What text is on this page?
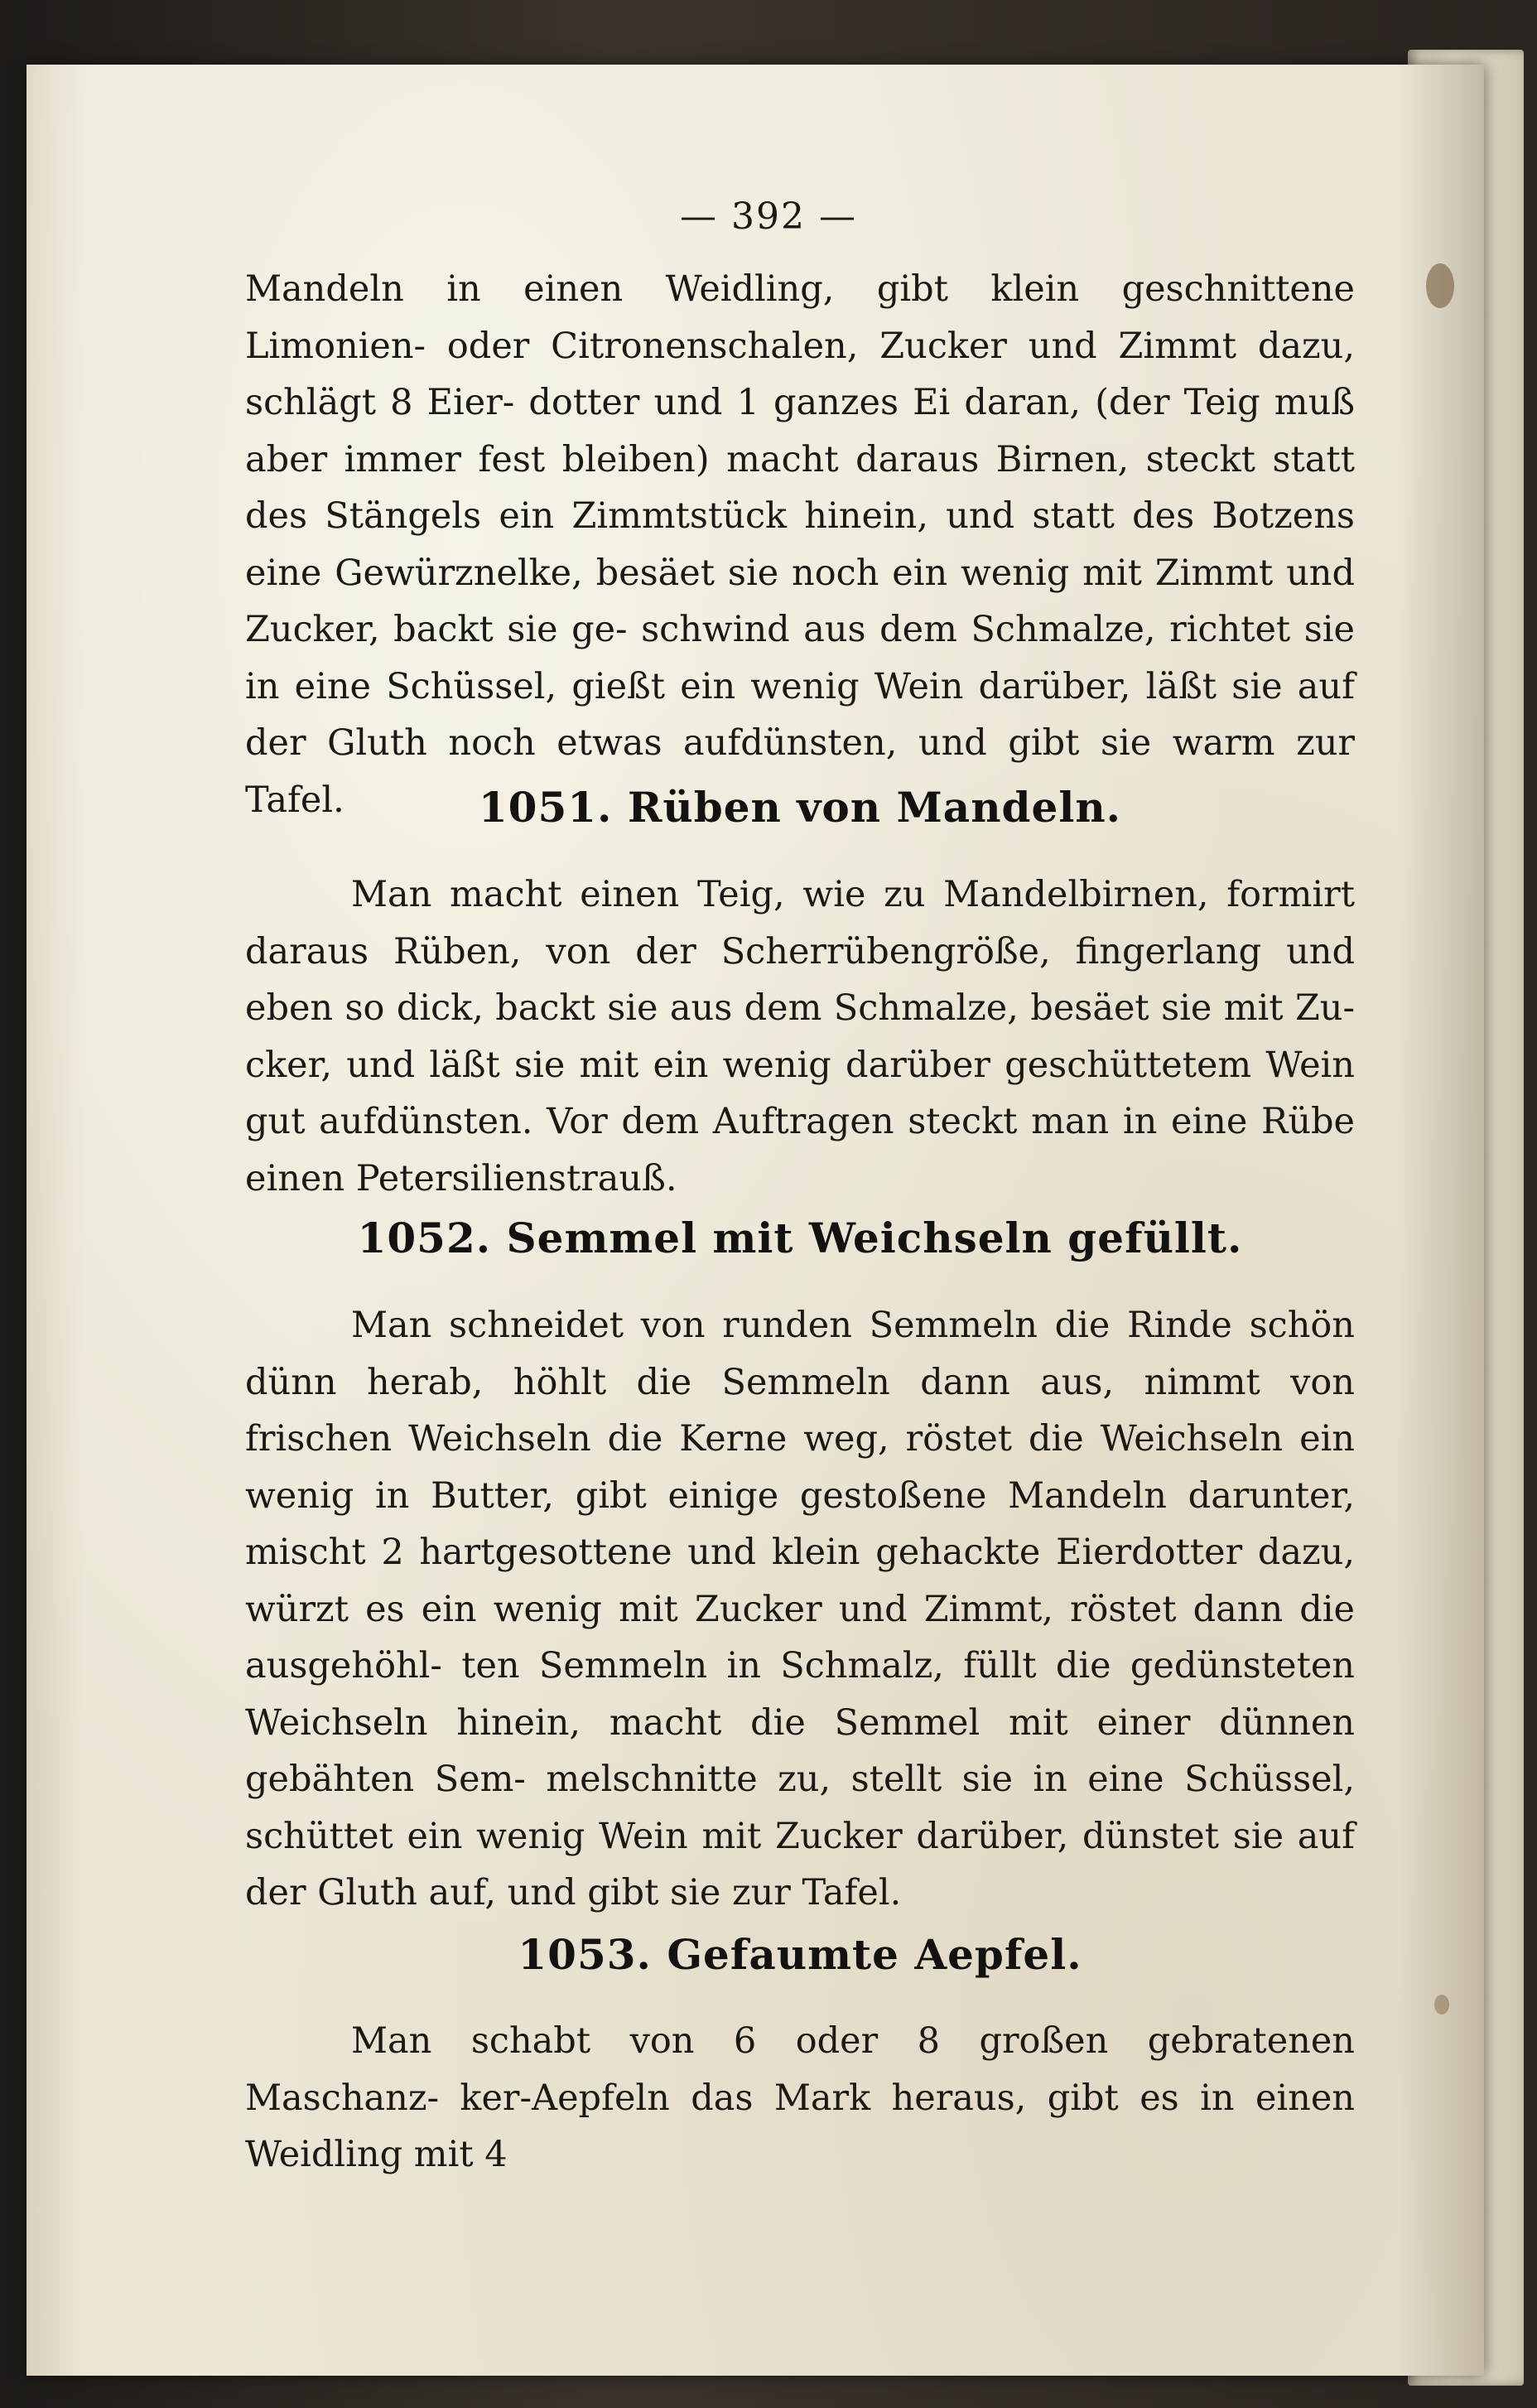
— 392 —

Mandeln in einen Weidling, gibt klein geschnittene Limonien- oder Citronenschalen, Zucker und Zimmt dazu, schlägt 8 Eier- dotter und 1 ganzes Ei daran, (der Teig muß aber immer fest bleiben) macht daraus Birnen, steckt statt des Stängels ein Zimmtstück hinein, und statt des Botzens eine Gewürznelke, besäet sie noch ein wenig mit Zimmt und Zucker, backt sie ge- schwind aus dem Schmalze, richtet sie in eine Schüssel, gießt ein wenig Wein darüber, läßt sie auf der Gluth noch etwas aufdünsten, und gibt sie warm zur Tafel.	1051. Rüben von Mandeln.

Man macht einen Teig, wie zu Mandelbirnen, formirt daraus Rüben, von der Scherrübengröße, fingerlang und eben so dick, backt sie aus dem Schmalze, besäet sie mit Zu- cker, und läßt sie mit ein wenig darüber geschüttetem Wein gut aufdünsten. Vor dem Auftragen steckt man in eine Rübe einen Petersilienstrauß.

1052. Semmel mit Weichseln gefüllt.

Man schneidet von runden Semmeln die Rinde schön dünn herab, höhlt die Semmeln dann aus, nimmt von frischen Weichseln die Kerne weg, röstet die Weichseln ein wenig in Butter, gibt einige gestoßene Mandeln darunter, mischt 2 hartgesottene und klein gehackte Eierdotter dazu, würzt es ein wenig mit Zucker und Zimmt, röstet dann die ausgehöhl- ten Semmeln in Schmalz, füllt die gedünsteten Weichseln hinein, macht die Semmel mit einer dünnen gebähten Sem- melschnitte zu, stellt sie in eine Schüssel, schüttet ein wenig Wein mit Zucker darüber, dünstet sie auf der Gluth auf, und gibt sie zur Tafel.

1053. Gefaumte Aepfel.

Man schabt von 6 oder 8 großen gebratenen Maschanz- ker-Aepfeln das Mark heraus, gibt es in einen Weidling mit 4
